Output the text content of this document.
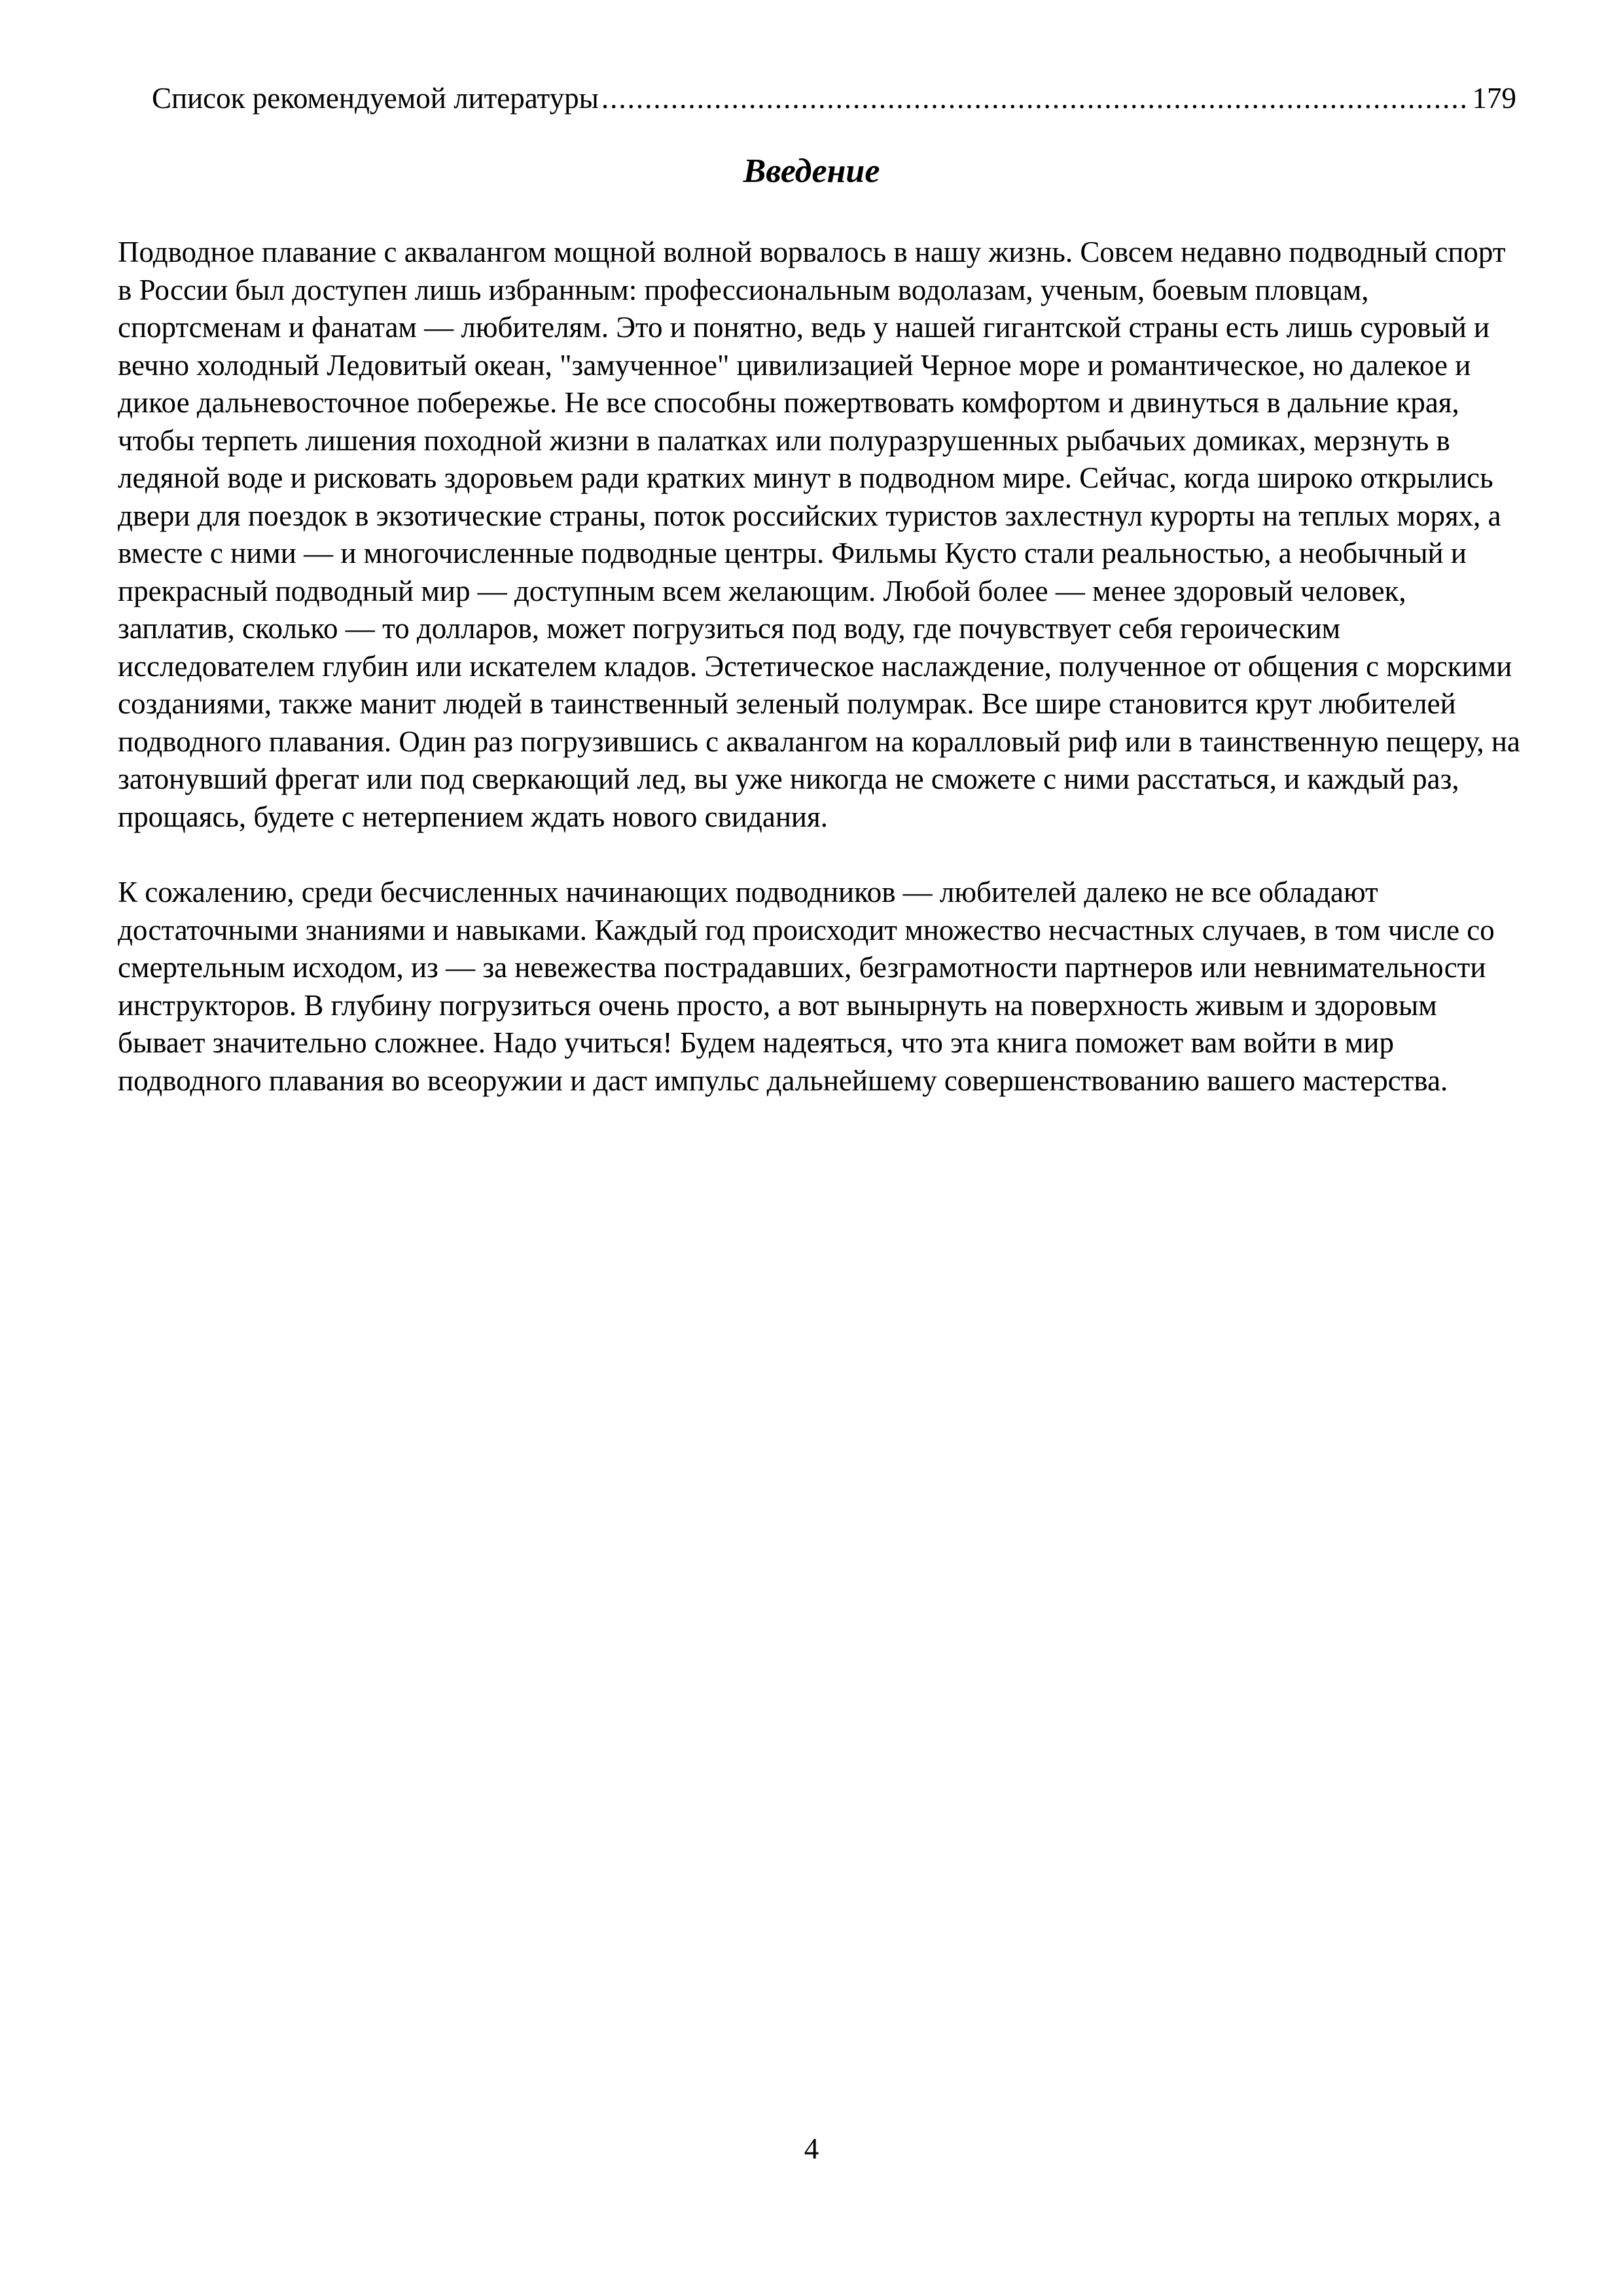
Список рекомендуемой литературы
.....	179
Введение

Подводное плавание с аквалангом мощной волной ворвалось в нашу жизнь. Совсем недавно подводный спорт в России был доступен лишь избранным: профессиональным водолазам, ученым, боевым пловцам, спортсменам и фанатам — любителям. Это и понятно, ведь у нашей гигантской страны есть лишь суровый и вечно холодный Ледовитый океан, "замученное" цивилизацией Черное море и романтическое, но далекое и дикое дальневосточное побережье. Не все способны пожертвовать комфортом и двинуться в дальние края, чтобы терпеть лишения походной жизни в палатках или полуразрушенных рыбачьих домиках, мерзнуть в ледяной воде и рисковать здоровьем ради кратких минут в подводном мире. Сейчас, когда широко открылись двери для поездок в экзотические страны, поток российских туристов захлестнул курорты на теплых морях, а вместе с ними — и многочисленные подводные центры. Фильмы Кусто стали реальностью, а необычный и прекрасный подводный мир — доступным всем желающим. Любой более — менее здоровый человек, заплатив, сколько — то долларов, может погрузиться под воду, где почувствует себя героическим исследователем глубин или искателем кладов. Эстетическое наслаждение, полученное от общения с морскими созданиями, также манит людей в таинственный зеленый полумрак. Все шире становится крут любителей подводного плавания. Один раз погрузившись с аквалангом на коралловый риф или в таинственную пещеру, на затонувший фрегат или под сверкающий лед, вы уже никогда не сможете с ними расстаться, и каждый раз, прощаясь, будете с нетерпением ждать нового свидания.

К сожалению, среди бесчисленных начинающих подводников — любителей далеко не все обладают достаточными знаниями и навыками. Каждый год происходит множество несчастных случаев, в том числе со смертельным исходом, из — за невежества пострадавших, безграмотности партнеров или невнимательности инструкторов. В глубину погрузиться очень просто, а вот вынырнуть на поверхность живым и здоровым бывает значительно сложнее. Надо учиться! Будем надеяться, что эта книга поможет вам войти в мир подводного плавания во всеоружии и даст импульс дальнейшему совершенствованию вашего мастерства.

4
